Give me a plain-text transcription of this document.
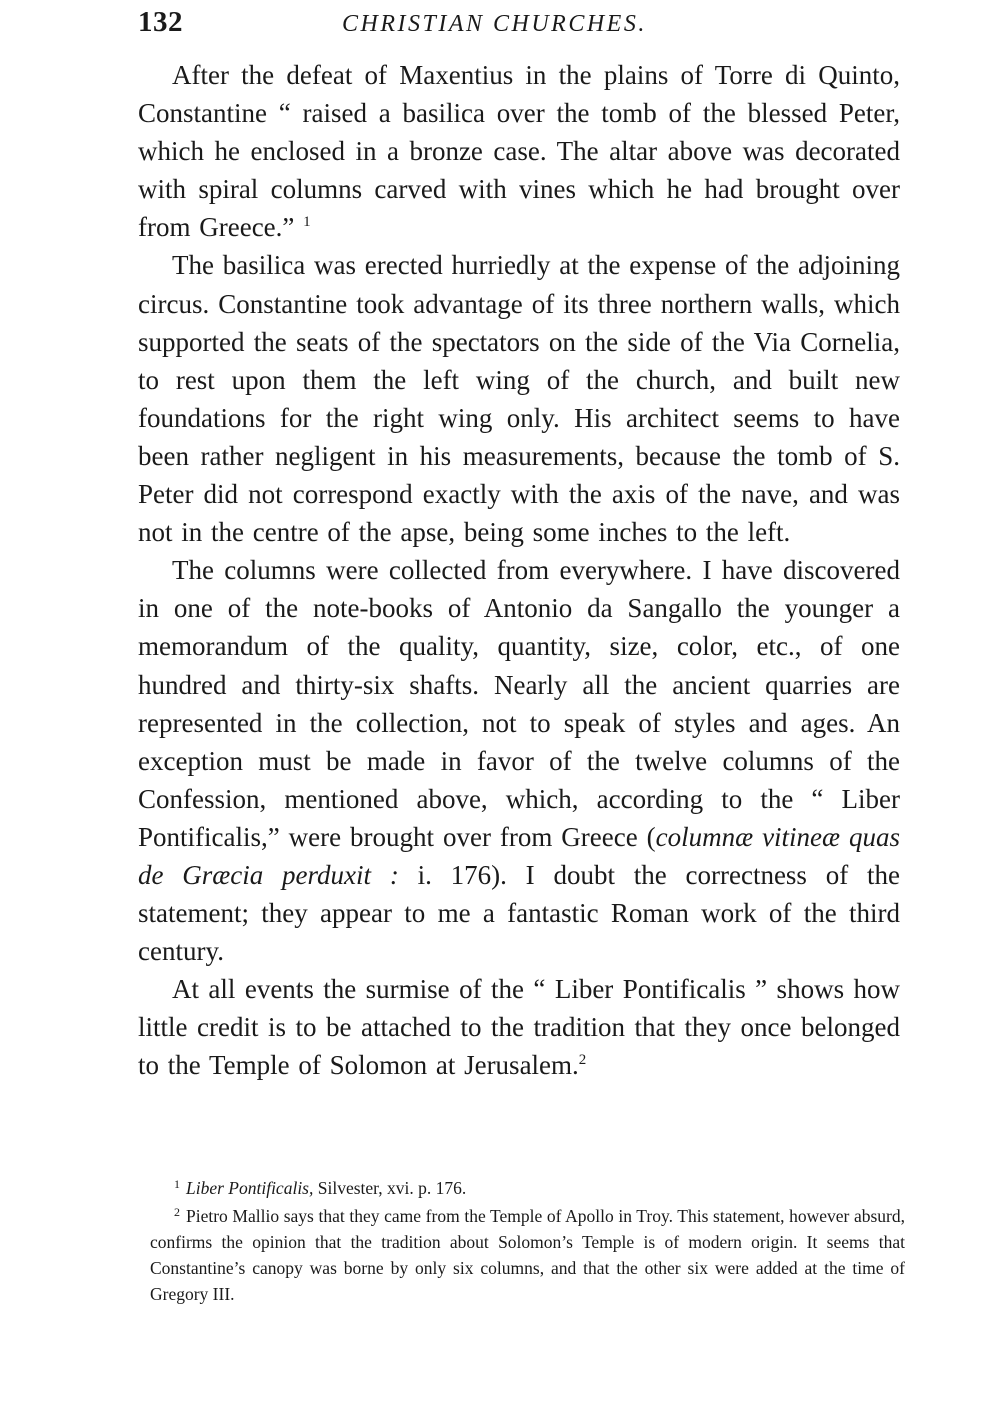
132	CHRISTIAN CHURCHES.

After the defeat of Maxentius in the plains of Torre di Quinto, Constantine “ raised a basilica over the tomb of the blessed Peter, which he enclosed in a bronze case. The altar above was decorated with spiral columns carved with vines which he had brought over from Greece.” $^1$

The basilica was erected hurriedly at the expense of the adjoining circus. Constantine took advantage of its three northern walls, which supported the seats of the spectators on the side of the Via Cornelia, to rest upon them the left wing of the church, and built new foundations for the right wing only. His architect seems to have been rather negligent in his measurements, because the tomb of S. Peter did not correspond exactly with the axis of the nave, and was not in the centre of the apse, being some inches to the left.

The columns were collected from everywhere. I have discovered in one of the note-books of Antonio da Sangallo the younger a memorandum of the quality, quantity, size, color, etc., of one hundred and thirty-six shafts. Nearly all the ancient quarries are represented in the collection, not to speak of styles and ages. An exception must be made in favor of the twelve columns of the Confession, mentioned above, which, according to the “ Liber Pontificalis,” were brought over from Greece (columnæ vitineæ quas de Græcia perduxit : i. 176). I doubt the correctness of the statement; they appear to me a fantastic Roman work of the third century.

At all events the surmise of the “ Liber Pontificalis ” shows how little credit is to be attached to the tradition that they once belonged to the Temple of Solomon at Jerusalem.$^2$

$^1$ Liber Pontificalis, Silvester, xvi. p. 176.

$^2$ Pietro Mallio says that they came from the Temple of Apollo in Troy. This statement, however absurd, confirms the opinion that the tradition about Solomon’s Temple is of modern origin. It seems that Constantine’s canopy was borne by only six columns, and that the other six were added at the time of Gregory III.
